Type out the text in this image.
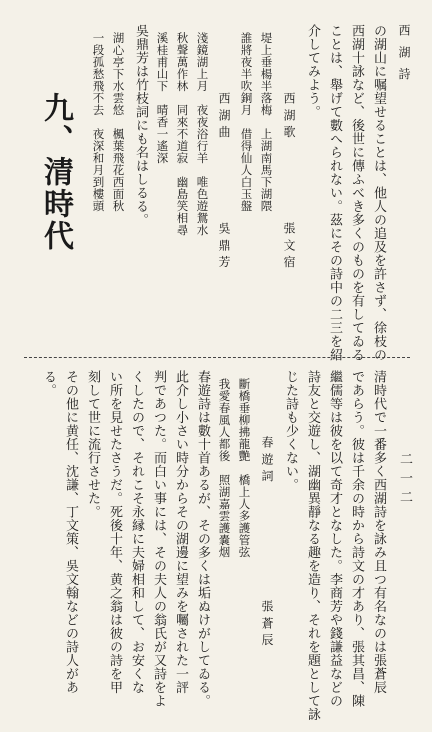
西 湖 詩
二一二
の湖山に嘱望せることは、他人の追及を許さず、徐枝の
西湖十詠など、後世に傳ふべき多くのものを有してゐる
ことは、舉げて數へられない。茲にその詩中の二三を紹
介してみよう。
西 湖 歌
張 文 宿
堤上垂楊半落梅　上湖南馬下湖隈
誰將夜半吹銅月　借得仙人白玉盤
西 湖 曲
吳 鼎 芳
淺鏡湖上月　夜夜浴行羊　唯色遊鴛水
秋聲萬作林　同來不道寂　幽島笑相尋
溪桂甫山下　晴香一遙深
吳鼎芳は竹枝詞にも名はしるる。
湖心亭下水雲悠　楓葉飛花西面秋
一段孤愁飛不去　夜深和月到樓頭
九、清時代
清時代で一番多く西湖詩を詠み且つ有名なのは張蒼辰
であらう。彼は千余の時から詩文の才あり、張其昌、陳
繼儒等は彼を以て奇才となした。李商芳や錢謙益などの
詩友と交遊し、湖幽異靜なる趣を造り、それを題として詠
じた詩も少くない。
春 遊 詞
張 蒼 辰
斷橋垂柳拂龍艷　橋上人多護管弦
我愛春風人都後　照湖嘉雲護嚢烟
春遊詩は數十首あるが、その多くは垢ぬけがしてゐる。
此介し小さい時分からその湖邊に望みを囑された一評
判であつた。而白い事には、その夫人の翁氏が又詩をよ
くしたので、それこそ永縁に夫婦相和して、お安くな
い所を見せたさうだ。死後十年、黄之翁は彼の詩を甲
刻して世に流行させた。
その他に黄任、沈謙、丁文策、吳文翰などの詩人があ
る。
